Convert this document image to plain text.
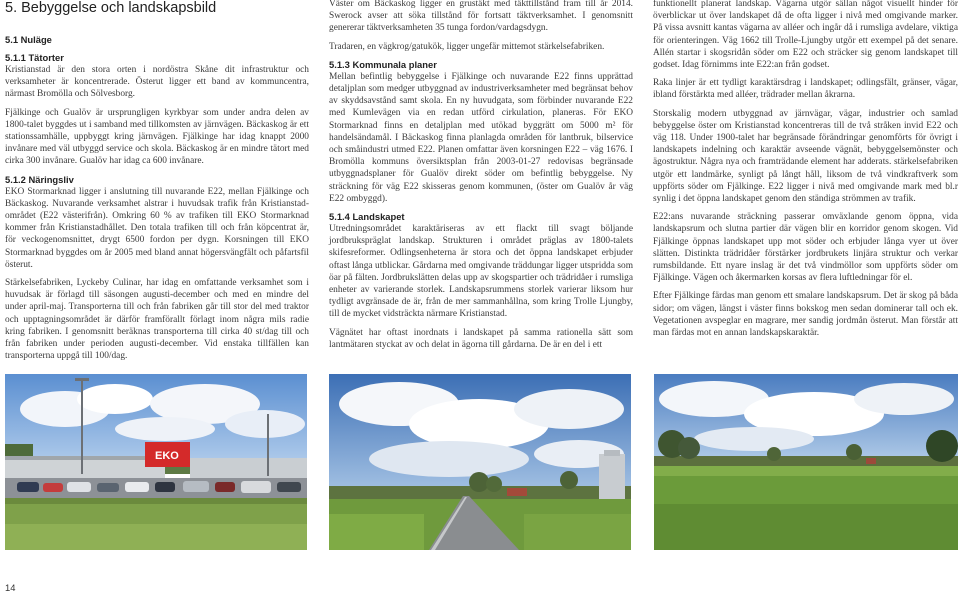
5. Bebyggelse och landskapsbild
5.1 Nuläge
5.1.1 Tätorter

Kristianstad är den stora orten i nordöstra Skåne dit infrastruktur och verksamheter är koncentrerade. Österut ligger ett band av kommuncentra, närmast Bromölla och Sölvesborg.

Fjälkinge och Gualöv är ursprungligen kyrkbyar som under andra delen av 1800-talet byggdes ut i samband med tillkomsten av järnvägen. Bäckaskog är ett stationssamhälle, uppbyggt kring järnvägen. Fjälkinge har idag knappt 2000 invånare med väl utbyggd service och skola. Bäckaskog är en mindre tätort med cirka 300 invånare. Gualöv har idag ca 600 invånare.

5.1.2 Näringsliv

EKO Stormarknad ligger i anslutning till nuvarande E22, mellan Fjälkinge och Bäckaskog. Nuvarande verksamhet alstrar i huvudsak trafik från Kristianstad-området (E22 västerifrån). Omkring 60 % av trafiken till EKO Stormarknad kommer från Kristianstadhållet. Den totala trafiken till och från köpcentrat är, för veckogenomsnittet, drygt 6500 fordon per dygn. Korsningen till EKO Stormarknad byggdes om år 2005 med bland annat högersvängfält och påfartsfil österut.

Stärkelsefabriken, Lyckeby Culinar, har idag en omfattande verksamhet som i huvudsak är förlagd till säsongen augusti-december och med en mindre del under april-maj. Transporterna till och från fabriken går till stor del med traktor och upptagningsområdet är därför framförallt förlagt inom några mils radie kring fabriken. I genomsnitt beräknas transporterna till cirka 40 st/dag till och från fabriken under perioden augusti-december. Vid enstaka tillfällen kan transporterna uppgå till 100/dag.

Väster om Bäckaskog ligger en grustäkt med täkttillstånd fram till år 2014. Swerock avser att söka tillstånd för fortsatt täktverksamhet. I genomsnitt genererar täktverksamheten 35 tunga fordon/vardagsdygn.

Tradaren, en vägkrog/gatukök, ligger ungefär mittemot stärkelsefabriken.

5.1.3 Kommunala planer

Mellan befintlig bebyggelse i Fjälkinge och nuvarande E22 finns upprättad detaljplan som medger utbyggnad av industriverksamheter med begränsat behov av skyddsavstånd samt skola. En ny huvudgata, som förbinder nuvarande E22 med Kumlevägen via en redan utförd cirkulation, planeras. För EKO Stormarknad finns en detaljplan med utökad byggrätt om 5000 m² för handelsändamål. I Bäckaskog finna planlagda områden för lantbruk, bilservice och småindustri utmed E22. Planen omfattar även korsningen E22 – väg 1676. I Bromölla kommuns översiktsplan från 2003-01-27 redovisas begränsade utbyggnadsplaner för Gualöv direkt söder om befintlig bebyggelse. Ny sträckning för väg E22 skisseras genom kommunen, (öster om Gualöv år väg E22 ombyggd).

5.1.4 Landskapet

Utredningsområdet karaktäriseras av ett flackt till svagt böljande jordbrukspräglat landskap. Strukturen i området präglas av 1800-talets skifesreformer. Odlingsenheterna är stora och det öppna landskapet erbjuder oftast långa utblickar. Gårdarna med omgivande träddungar ligger utspridda som öar på fälten. Jordbrukslätten delas upp av skogspartier och trädridåer i rumsliga enheter av varierande storlek. Landskapsrummens storlek varierar liksom hur tydligt avgränsade de är, från de mer sammanhållna, som kring Trolle Ljungby, till de mycket vidsträckta närmare Kristianstad.

Vägnätet har oftast inordnats i landskapet på samma rationella sätt som lantmätaren styckat av och delat in ägorna till gårdarna. De är en del i ett

funktionellt planerat landskap. Vägarna utgör sällan något visuellt hinder för överblickar ut över landskapet då de ofta ligger i nivå med omgivande marker. På vissa avsnitt kantas vägarna av alléer och ingår då i rumsliga avdelare, viktiga för orienteringen. Väg 1662 till Trolle-Ljungby utgör ett exempel på det senare. Allén startar i skogsridån söder om E22 och sträcker sig genom landskapet till godset. Idag förnimms inte E22:an från godset.

Raka linjer är ett tydligt karaktärsdrag i landskapet; odlingsfält, gränser, vägar, ibland förstärkta med alléer, trädrader mellan åkrarna.

Storskalig modern utbyggnad av järnvägar, vägar, industrier och samlad bebyggelse öster om Kristianstad koncentreras till de två stråken invid E22 och väg 118. Under 1900-talet har begränsade förändringar genomförts för övrigt i landskapets indelning och karaktär avseende vägnät, bebyggelsemönster och ägostruktur. Några nya och framträdande element har adderats. stärkelsefabriken utgör ett landmärke, synligt på långt håll, liksom de två vindkraftverk som uppförts söder om Fjälkinge. E22 ligger i nivå med omgivande mark med bl.r synlig i det öppna landskapet genom den ständiga strömmen av trafik.

E22:ans nuvarande sträckning passerar omväxlande genom öppna, vida landskapsrum och slutna partier där vägen blir en korridor genom skogen. Vid Fjälkinge öppnas landskapet upp mot söder och erbjuder långa vyer ut över slätten. Distinkta trädridåer förstärker jordbrukets linjära struktur och verkar rumsbildande. Ett nyare inslag är det två vindmöllor som uppförts söder om Fjälkinge. Vägen och åkermarken korsas av flera luftledningar för el.

Efter Fjälkinge färdas man genom ett smalare landskapsrum. Det är skog på båda sidor; om vägen, längst i väster finns bokskog men sedan dominerar tall och ek. Vegetationen avspeglar en magrare, mer sandig jordmån österut. Man förstår att man färdas mot en annan landskapskaraktär.

EKO
14
